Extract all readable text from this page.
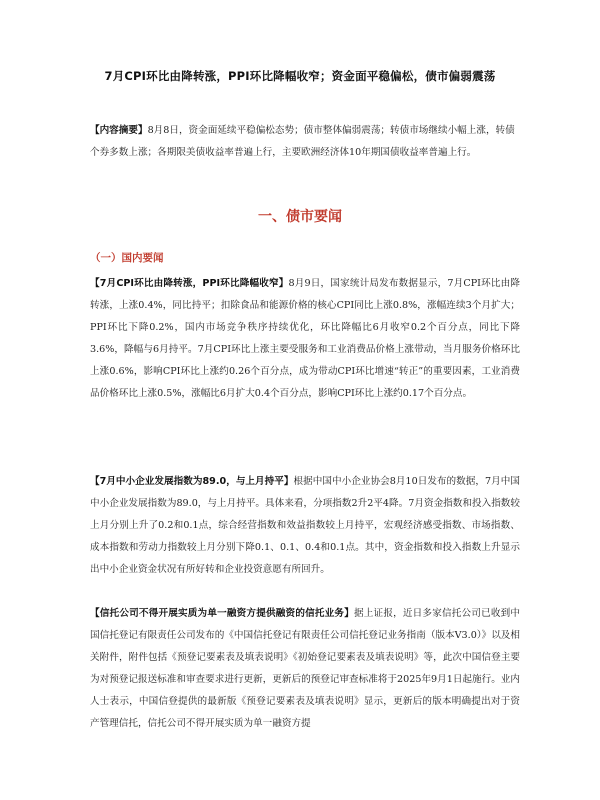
7月CPI环比由降转涨，PPI环比降幅收窄；资金面平稳偏松，债市偏弱震荡
【内容摘要】8月8日，资金面延续平稳偏松态势；债市整体偏弱震荡；转债市场继续小幅上涨，转债个券多数上涨；各期限美债收益率普遍上行，主要欧洲经济体10年期国债收益率普遍上行。
一、债市要闻
（一）国内要闻
【7月CPI环比由降转涨，PPI环比降幅收窄】8月9日，国家统计局发布数据显示，7月CPI环比由降转涨，上涨0.4%，同比持平；扣除食品和能源价格的核心CPI同比上涨0.8%，涨幅连续3个月扩大；PPI环比下降0.2%，国内市场竞争秩序持续优化，环比降幅比6月收窄0.2个百分点，同比下降3.6%，降幅与6月持平。7月CPI环比上涨主要受服务和工业消费品价格上涨带动，当月服务价格环比上涨0.6%，影响CPI环比上涨约0.26个百分点，成为带动CPI环比增速“转正”的重要因素，工业消费品价格环比上涨0.5%，涨幅比6月扩大0.4个百分点，影响CPI环比上涨约0.17个百分点。
【7月中小企业发展指数为89.0，与上月持平】根据中国中小企业协会8月10日发布的数据，7月中国中小企业发展指数为89.0，与上月持平。具体来看，分项指数2升2平4降。7月资金指数和投入指数较上月分别上升了0.2和0.1点，综合经营指数和效益指数较上月持平，宏观经济感受指数、市场指数、成本指数和劳动力指数较上月分别下降0.1、0.1、0.4和0.1点。其中，资金指数和投入指数上升显示出中小企业资金状况有所好转和企业投资意愿有所回升。
【信托公司不得开展实质为单一融资方提供融资的信托业务】据上证报，近日多家信托公司已收到中国信托登记有限责任公司发布的《中国信托登记有限责任公司信托登记业务指南（版本V3.0）》以及相关附件，附件包括《预登记要素表及填表说明》《初始登记要素表及填表说明》等，此次中国信登主要为对预登记报送标准和审查要求进行更新，更新后的预登记审查标准将于2025年9月1日起施行。业内人士表示，中国信登提供的最新版《预登记要素表及填表说明》显示，更新后的版本明确提出对于资产管理信托，信托公司不得开展实质为单一融资方提
